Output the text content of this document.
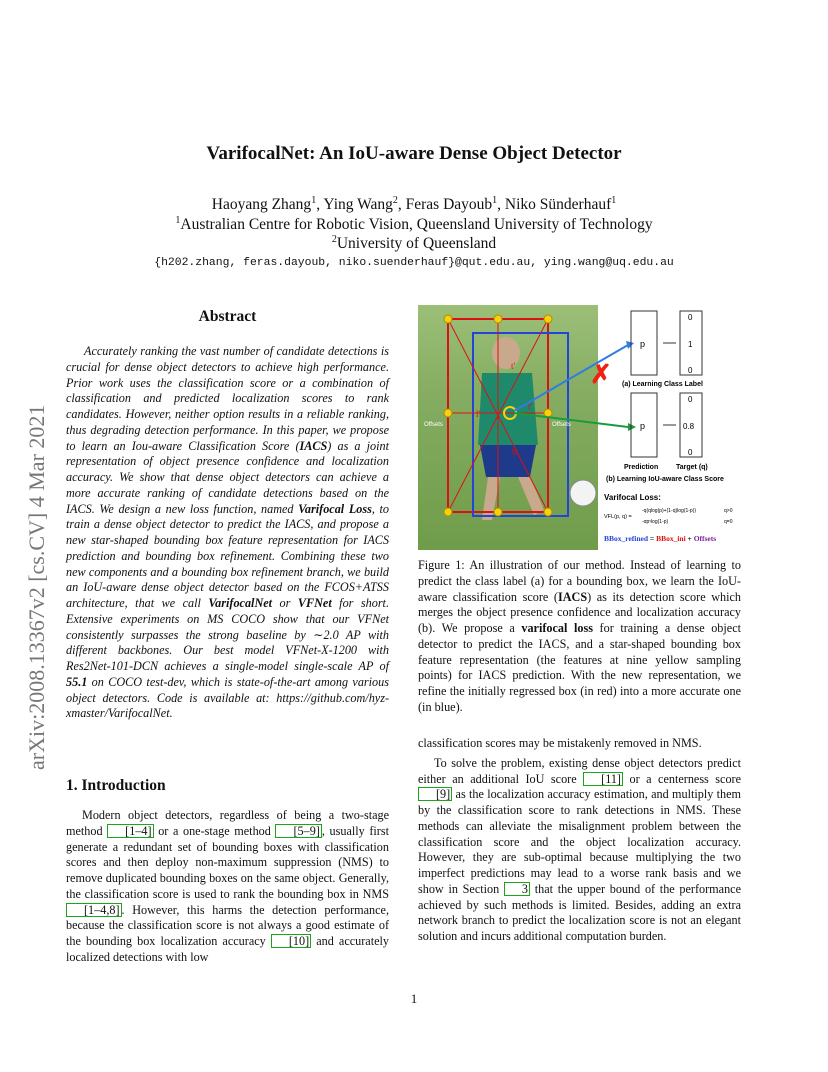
VarifocalNet: An IoU-aware Dense Object Detector
Haoyang Zhang$^1$, Ying Wang$^2$, Feras Dayoub$^1$, Niko Sünderhauf$^1$
$^1$Australian Centre for Robotic Vision, Queensland University of Technology
$^2$University of Queensland
{h202.zhang, feras.dayoub, niko.suenderhauf}@qut.edu.au, ying.wang@uq.edu.au
arXiv:2008.13367v2 [cs.CV] 4 Mar 2021
Abstract

Accurately ranking the vast number of candidate detections is crucial for dense object detectors to achieve high performance. Prior work uses the classification score or a combination of classification and predicted localization scores to rank candidates. However, neither option results in a reliable ranking, thus degrading detection performance. In this paper, we propose to learn an Iou-aware Classification Score (IACS) as a joint representation of object presence confidence and localization accuracy. We show that dense object detectors can achieve a more accurate ranking of candidate detections based on the IACS. We design a new loss function, named Varifocal Loss, to train a dense object detector to predict the IACS, and propose a new star-shaped bounding box feature representation for IACS prediction and bounding box refinement. Combining these two new components and a bounding box refinement branch, we build an IoU-aware dense object detector based on the FCOS+ATSS architecture, that we call VarifocalNet or VFNet for short. Extensive experiments on MS COCO show that our VFNet consistently surpasses the strong baseline by ∼2.0 AP with different backbones. Our best model VFNet-X-1200 with Res2Net-101-DCN achieves a single-model single-scale AP of 55.1 on COCO test-dev, which is state-of-the-art among various object detectors. Code is available at: https://github.com/hyz-xmaster/VarifocalNet.

1. Introduction

Modern object detectors, regardless of being a two-stage method [1–4] or a one-stage method [5–9] , usually first generate a redundant set of bounding boxes with classification scores and then deploy non-maximum suppression (NMS) to remove duplicated bounding boxes on the same object. Generally, the classification score is used to rank the bounding box in NMS [1–4,8] . However, this harms the detection performance, because the classification score is not always a good estimate of the bounding box localization accuracy [10] and accurately localized detections with low

Offsets	Offsets
t'
l'
r'
b'
✗
p
0
1
0
(a) Learning Class Label
p
0
0.8
0
Prediction	Target (q)
(b) Learning IoU-aware Class Score
Varifocal Loss:
VFL(p, q) =
-q(qlog(p)+(1-q)log(1-p))	q>0
-αpᵞlog(1-p)	q=0
BBox_refined = BBox_ini + Offsets

Figure 1: An illustration of our method. Instead of learning to predict the class label (a) for a bounding box, we learn the IoU-aware classification score (IACS) as its detection score which merges the object presence confidence and localization accuracy (b). We propose a varifocal loss for training a dense object detector to predict the IACS, and a star-shaped bounding box feature representation (the features at nine yellow sampling points) for IACS prediction. With the new representation, we refine the initially regressed box (in red) into a more accurate one (in blue).

classification scores may be mistakenly removed in NMS.

To solve the problem, existing dense object detectors predict either an additional IoU score [11] or a centerness score [9] as the localization accuracy estimation, and multiply them by the classification score to rank detections in NMS. These methods can alleviate the misalignment problem between the classification score and the object localization accuracy. However, they are sub-optimal because multiplying the two imperfect predictions may lead to a worse rank basis and we show in Section 3 that the upper bound of the performance achieved by such methods is limited. Besides, adding an extra network branch to predict the localization score is not an elegant solution and incurs additional computation burden.

1
